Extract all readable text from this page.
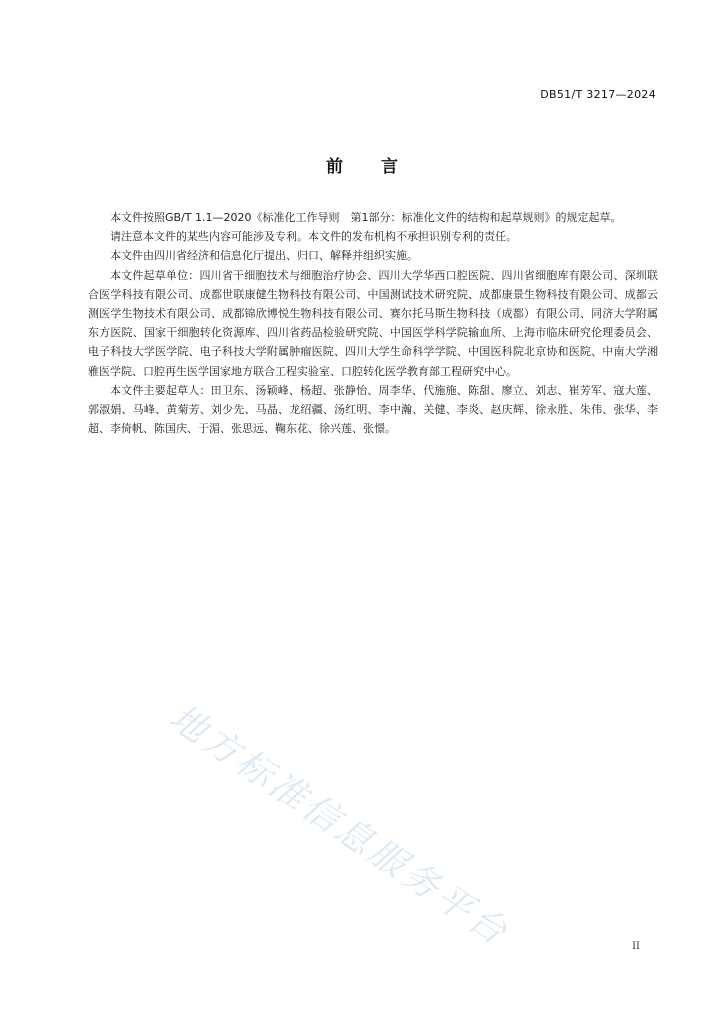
DB51/T 3217—2024
前言

本文件按照GB/T 1.1—2020《标准化工作导则　第1部分：标准化文件的结构和起草规则》的规定起草。

请注意本文件的某些内容可能涉及专利。本文件的发布机构不承担识别专利的责任。

本文件由四川省经济和信息化厅提出、归口、解释并组织实施。

本文件起草单位：四川省干细胞技术与细胞治疗协会、四川大学华西口腔医院、四川省细胞库有限公司、深圳联合医学科技有限公司、成都世联康健生物科技有限公司、中国测试技术研究院、成都康景生物科技有限公司、成都云测医学生物技术有限公司、成都锦欣博悦生物科技有限公司、赛尔托马斯生物科技（成都）有限公司、同济大学附属东方医院、国家干细胞转化资源库、四川省药品检验研究院、中国医学科学院输血所、上海市临床研究伦理委员会、电子科技大学医学院、电子科技大学附属肿瘤医院、四川大学生命科学学院、中国医科院北京协和医院、中南大学湘雅医学院、口腔再生医学国家地方联合工程实验室、口腔转化医学教育部工程研究中心。

本文件主要起草人：田卫东、汤颖峰、杨超、张静怡、周李华、代施施、陈甜、廖立、刘志、崔芳军、寇大莲、郭淑娟、马峰、黄菊芳、刘少先、马晶、龙绍疆、汤红明、李中瀚、关健、李炎、赵庆辉、徐永胜、朱伟、张华、李超、李倚帆、陈国庆、于湄、张思远、鞠东花、徐兴莲、张憬。

地方标准信息服务平台	II
